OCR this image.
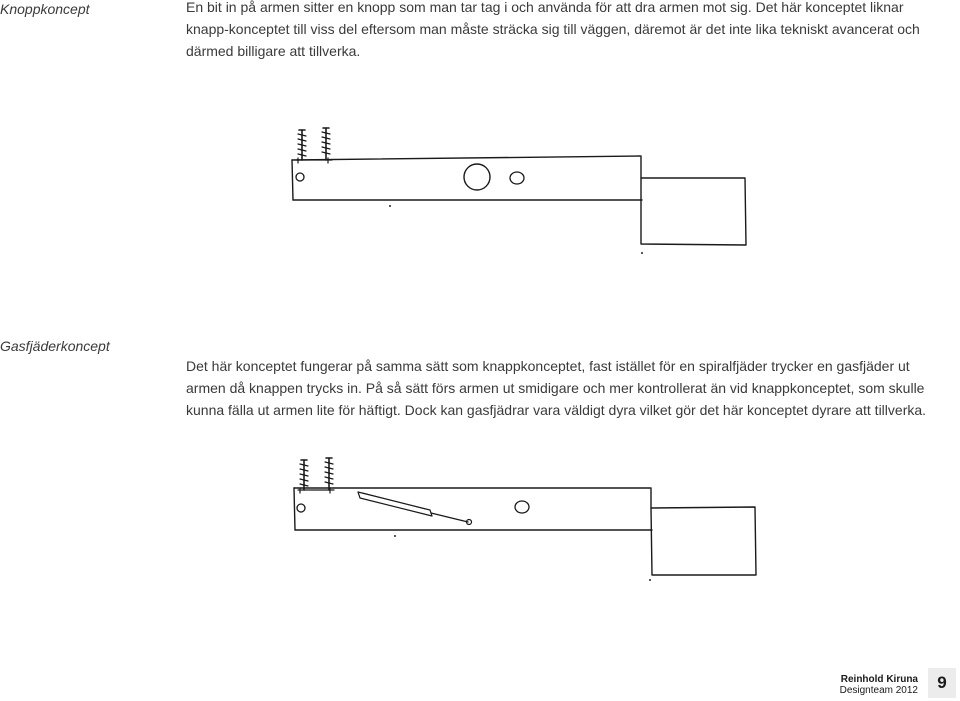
Knoppkoncept	En bit in på armen sitter en knopp som man tar tag i och använda för att dra armen mot sig. Det här konceptet liknar knapp-konceptet till viss del eftersom man måste sträcka sig till väggen, däremot är det inte lika tekniskt avancerat och därmed billigare att tillverka.

Gasfjäderkoncept

Det här konceptet fungerar på samma sätt som knappkonceptet, fast istället för en spiralfjäder trycker en gasfjäder ut armen då knappen trycks in. På så sätt förs armen ut smidigare och mer kontrollerat än vid knappkonceptet, som skulle kunna fälla ut armen lite för häftigt. Dock kan gasfjädrar vara väldigt dyra vilket gör det här konceptet dyrare att tillverka.

Reinhold Kiruna
Designteam 2012	9
